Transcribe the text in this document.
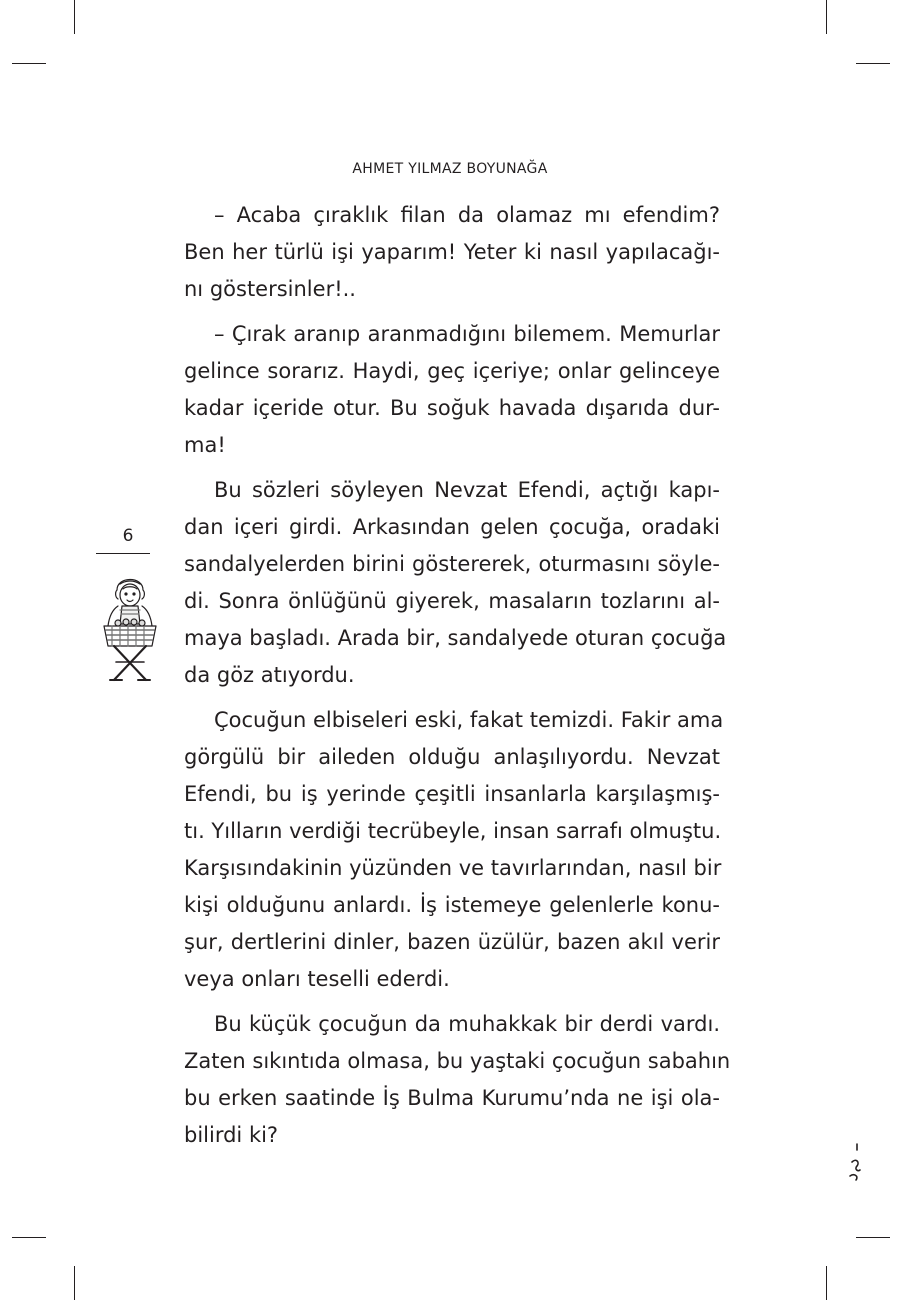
AHMET YILMAZ BOYUNAĞA
6

– Acaba çıraklık filan da olamaz mı efendim?
Ben her türlü işi yaparım! Yeter ki nasıl yapılacağı-
nı göstersinler!..

– Çırak aranıp aranmadığını bilemem. Memurlar
gelince sorarız. Haydi, geç içeriye; onlar gelinceye
kadar içeride otur. Bu soğuk havada dışarıda dur-
ma!

Bu sözleri söyleyen Nevzat Efendi, açtığı kapı-
dan içeri girdi. Arkasından gelen çocuğa, oradaki
sandalyelerden birini göstererek, oturmasını söyle-
di. Sonra önlüğünü giyerek, masaların tozlarını al-
maya başladı. Arada bir, sandalyede oturan çocuğa
da göz atıyordu.

Çocuğun elbiseleri eski, fakat temizdi. Fakir ama
görgülü bir aileden olduğu anlaşılıyordu. Nevzat
Efendi, bu iş yerinde çeşitli insanlarla karşılaşmış-
tı. Yılların verdiği tecrübeyle, insan sarrafı olmuştu.
Karşısındakinin yüzünden ve tavırlarından, nasıl bir
kişi olduğunu anlardı. İş istemeye gelenlerle konu-
şur, dertlerini dinler, bazen üzülür, bazen akıl verir
veya onları teselli ederdi.

Bu küçük çocuğun da muhakkak bir derdi vardı.
Zaten sıkıntıda olmasa, bu yaştaki çocuğun sabahın
bu erken saatinde İş Bulma Kurumu’nda ne işi ola-
bilirdi ki?
